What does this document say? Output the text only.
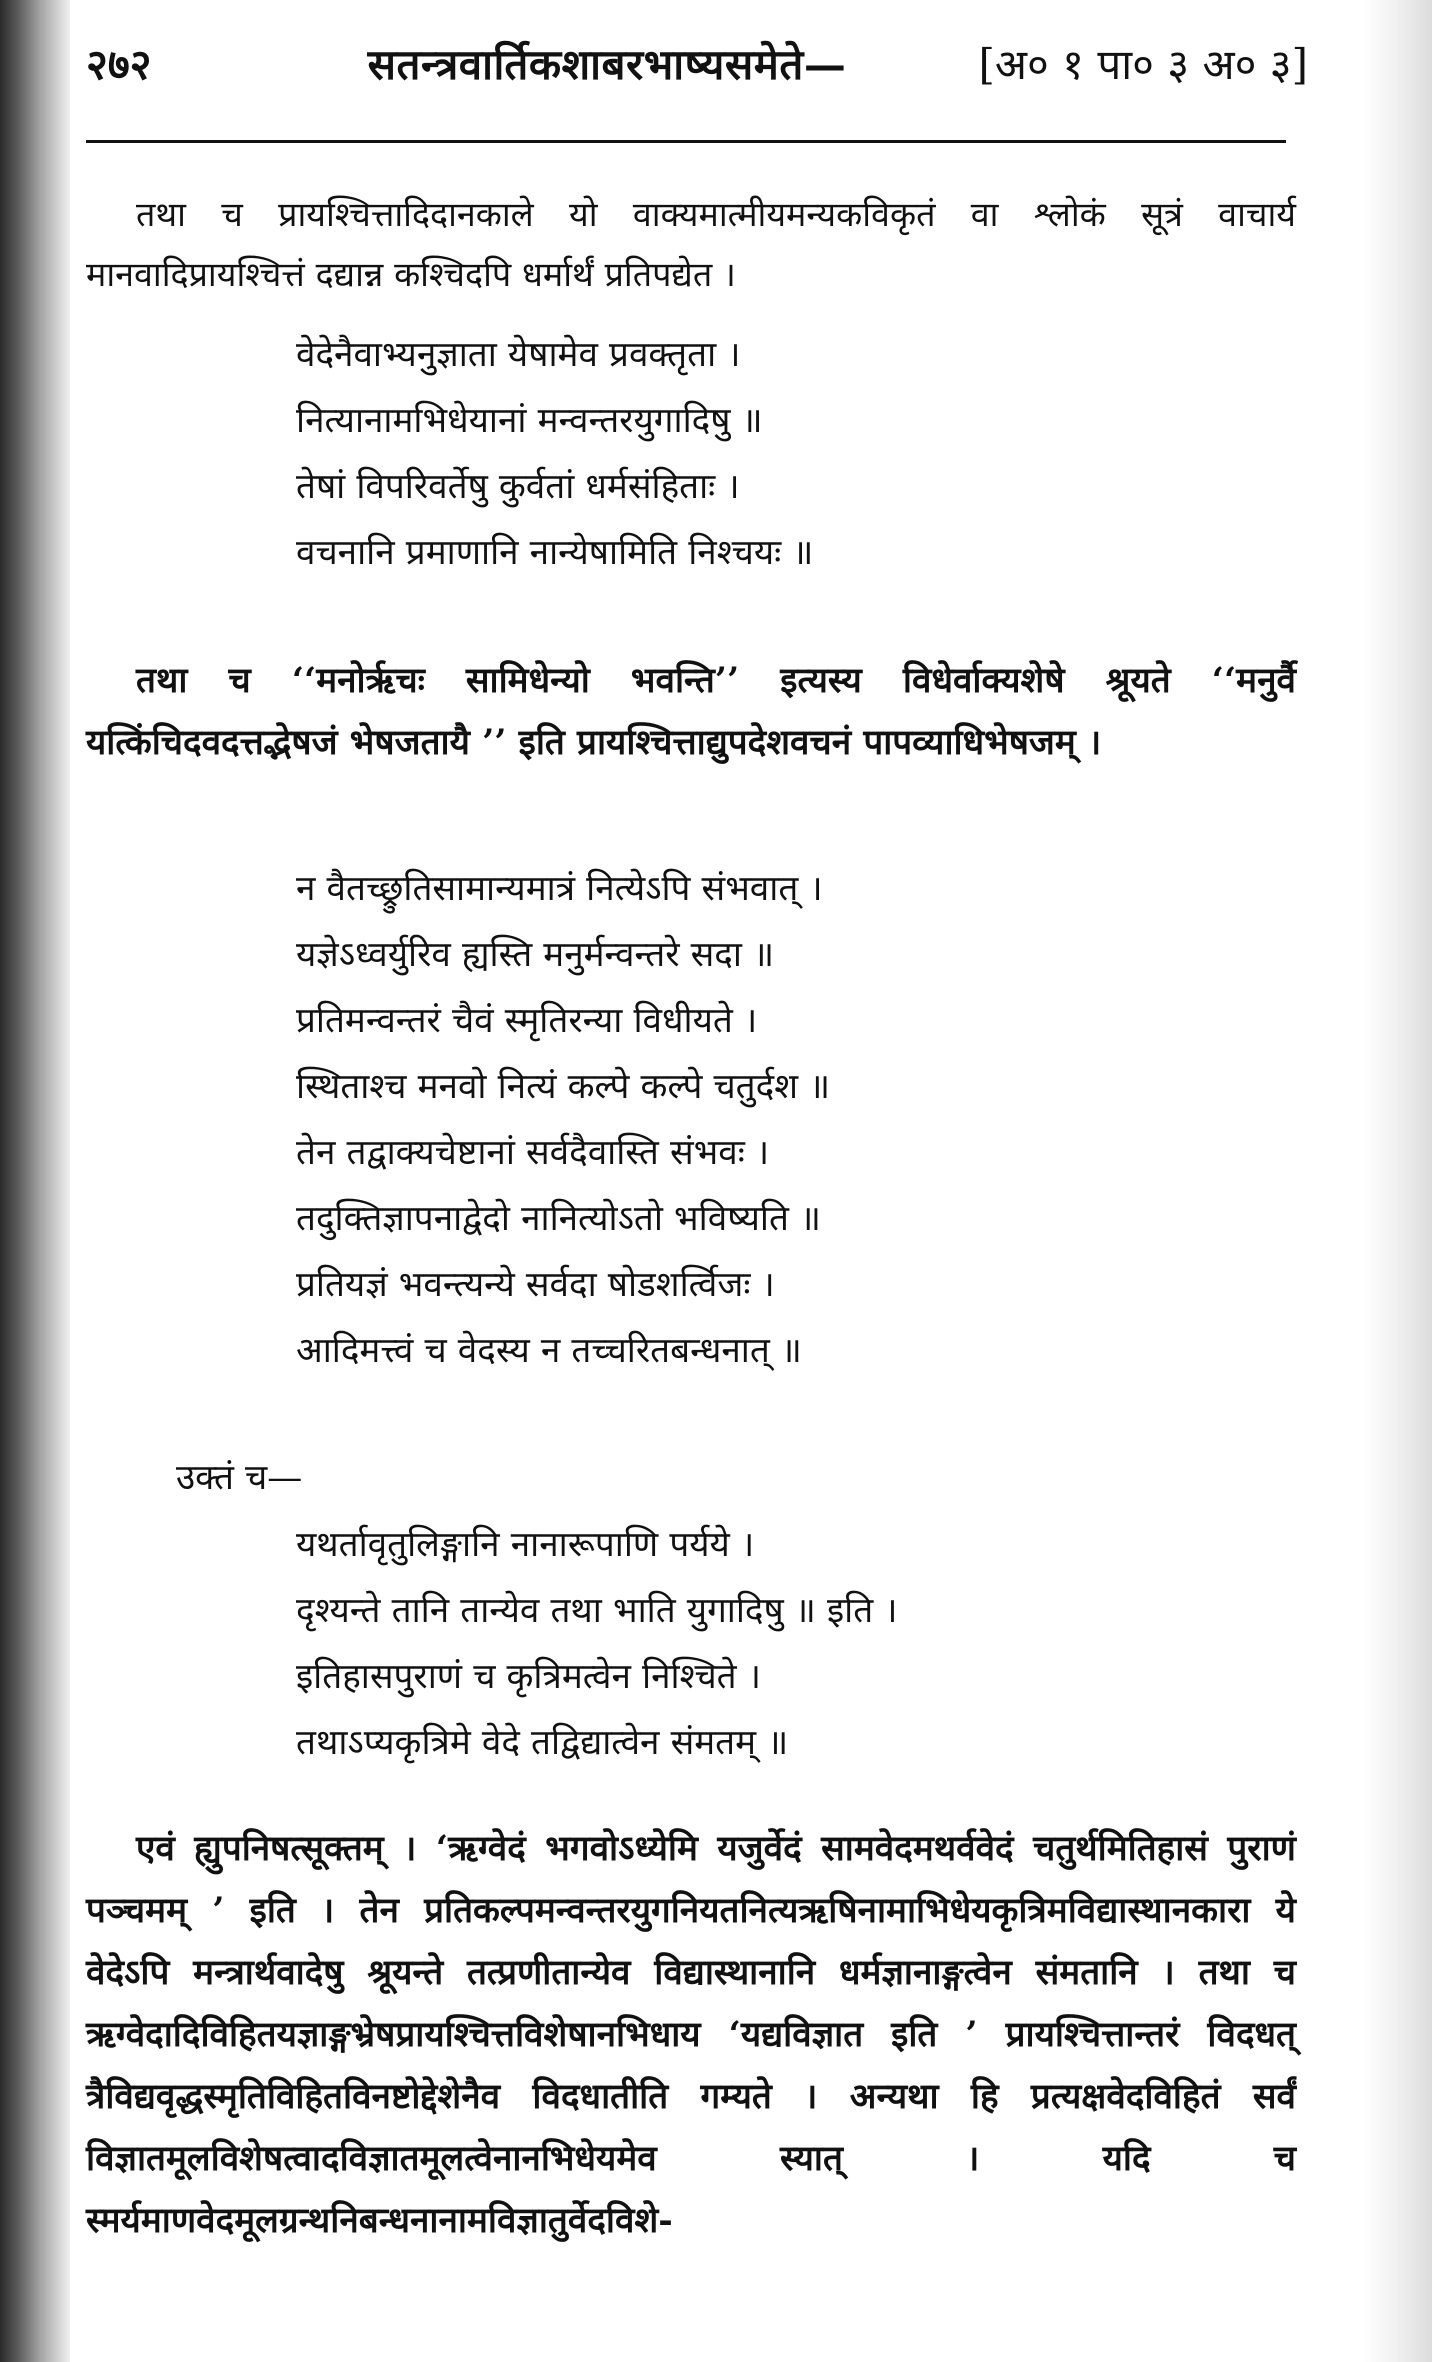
२७२	सतन्त्रवार्तिकशाबरभाष्यसमेते—	[अ० १ पा० ३ अ० ३]

तथा च प्रायश्चित्तादिदानकाले यो वाक्यमात्मीयमन्यकविकृतं वा श्लोकं सूत्रं वाचार्य मानवादिप्रायश्चित्तं दद्यान्न कश्चिदपि धर्मार्थं प्रतिपद्येत ।

वेदेनैवाभ्यनुज्ञाता येषामेव प्रवक्तृता ।
नित्यानामभिधेयानां मन्वन्तरयुगादिषु ॥
तेषां विपरिवर्तेषु कुर्वतां धर्मसंहिताः ।
वचनानि प्रमाणानि नान्येषामिति निश्चयः ॥

तथा च ‘‘मनोर्ऋचः सामिधेन्यो भवन्ति’’ इत्यस्य विधेर्वाक्यशेषे श्रूयते ‘‘मनुर्वै यत्किंचिदवदत्तद्भेषजं भेषजतायै ’’ इति प्रायश्चित्ताद्युपदेशवचनं पापव्याधिभेषजम् ।

न वैतच्छ्रुतिसामान्यमात्रं नित्येऽपि संभवात् ।
यज्ञेऽध्वर्युरिव ह्यस्ति मनुर्मन्वन्तरे सदा ॥
प्रतिमन्वन्तरं चैवं स्मृतिरन्या विधीयते ।
स्थिताश्च मनवो नित्यं कल्पे कल्पे चतुर्दश ॥
तेन तद्वाक्यचेष्टानां सर्वदैवास्ति संभवः ।
तदुक्तिज्ञापनाद्वेदो नानित्योऽतो भविष्यति ॥
प्रतियज्ञं भवन्त्यन्ये सर्वदा षोडशर्त्विजः ।
आदिमत्त्वं च वेदस्य न तच्चरितबन्धनात् ॥
उक्तं च—
यथर्तावृतुलिङ्गानि नानारूपाणि पर्यये ।
दृश्यन्ते तानि तान्येव तथा भाति युगादिषु ॥ इति ।
इतिहासपुराणं च कृत्रिमत्वेन निश्चिते ।
तथाऽप्यकृत्रिमे वेदे तद्विद्यात्वेन संमतम् ॥

एवं ह्युपनिषत्सूक्तम् । ‘ऋग्वेदं भगवोऽध्येमि यजुर्वेदं सामवेदमथर्ववेदं चतुर्थमितिहासं पुराणं पञ्चमम् ’ इति । तेन प्रतिकल्पमन्वन्तरयुगनियतनित्यऋषिनामाभिधेयकृत्रिमविद्यास्थानकारा ये वेदेऽपि मन्त्रार्थवादेषु श्रूयन्ते तत्प्रणीतान्येव विद्यास्थानानि धर्मज्ञानाङ्गत्वेन संमतानि । तथा च ऋग्वेदादिविहितयज्ञाङ्गभ्रेषप्रायश्चित्तविशेषानभिधाय ‘यद्यविज्ञात इति ’ प्रायश्चित्तान्तरं विदधत् त्रैविद्यवृद्धस्मृतिविहितविनष्टोद्देशेनैव विदधातीति गम्यते । अन्यथा हि प्रत्यक्षवेदविहितं सर्वं विज्ञातमूलविशेषत्वादविज्ञातमूलत्वेनानभिधेयमेव स्यात् । यदि च स्मर्यमाणवेदमूलग्रन्थनिबन्धनानामविज्ञातुर्वेदविशे-
